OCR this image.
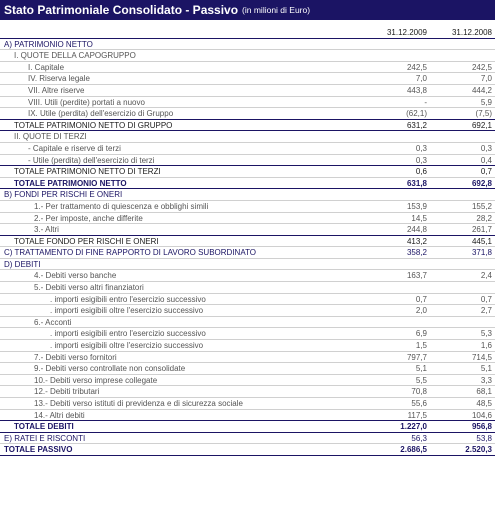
Stato Patrimoniale Consolidato - Passivo (in milioni di Euro)
31.12.2009	31.12.2008
A) PATRIMONIO NETTO
I. QUOTE DELLA CAPOGRUPPO
I. Capitale	242,5	242,5
IV. Riserva legale	7,0	7,0
VII. Altre riserve	443,8	444,2
VIII. Utili (perdite) portati a nuovo	-	5,9
IX. Utile (perdita) dell'esercizio di Gruppo	(62,1)	(7,5)
TOTALE PATRIMONIO NETTO DI GRUPPO	631,2	692,1
II. QUOTE DI TERZI
- Capitale e riserve di terzi	0,3	0,3
- Utile (perdita) dell'esercizio di terzi	0,3	0,4
TOTALE PATRIMONIO NETTO DI TERZI	0,6	0,7
TOTALE PATRIMONIO NETTO	631,8	692,8
B) FONDI PER RISCHI E ONERI
1.- Per trattamento di quiescenza e obblighi simili	153,9	155,2
2.- Per imposte, anche differite	14,5	28,2
3.- Altri	244,8	261,7
TOTALE FONDO PER RISCHI E ONERI	413,2	445,1
C) TRATTAMENTO DI FINE RAPPORTO DI LAVORO SUBORDINATO	358,2	371,8
D) DEBITI
4.- Debiti verso banche	163,7	2,4
5.- Debiti verso altri finanziatori
. importi esigibili entro l'esercizio successivo	0,7	0,7
. importi esigibili oltre l'esercizio successivo	2,0	2,7
6.- Acconti
. importi esigibili entro l'esercizio successivo	6,9	5,3
. importi esigibili oltre l'esercizio successivo	1,5	1,6
7.- Debiti verso fornitori	797,7	714,5
9.- Debiti verso controllate non consolidate	5,1	5,1
10.- Debiti verso imprese collegate	5,5	3,3
12.- Debiti tributari	70,8	68,1
13.- Debiti verso istituti di previdenza e di sicurezza sociale	55,6	48,5
14.- Altri debiti	117,5	104,6
TOTALE DEBITI	1.227,0	956,8
E) RATEI E RISCONTI	56,3	53,8
TOTALE PASSIVO	2.686,5	2.520,3
